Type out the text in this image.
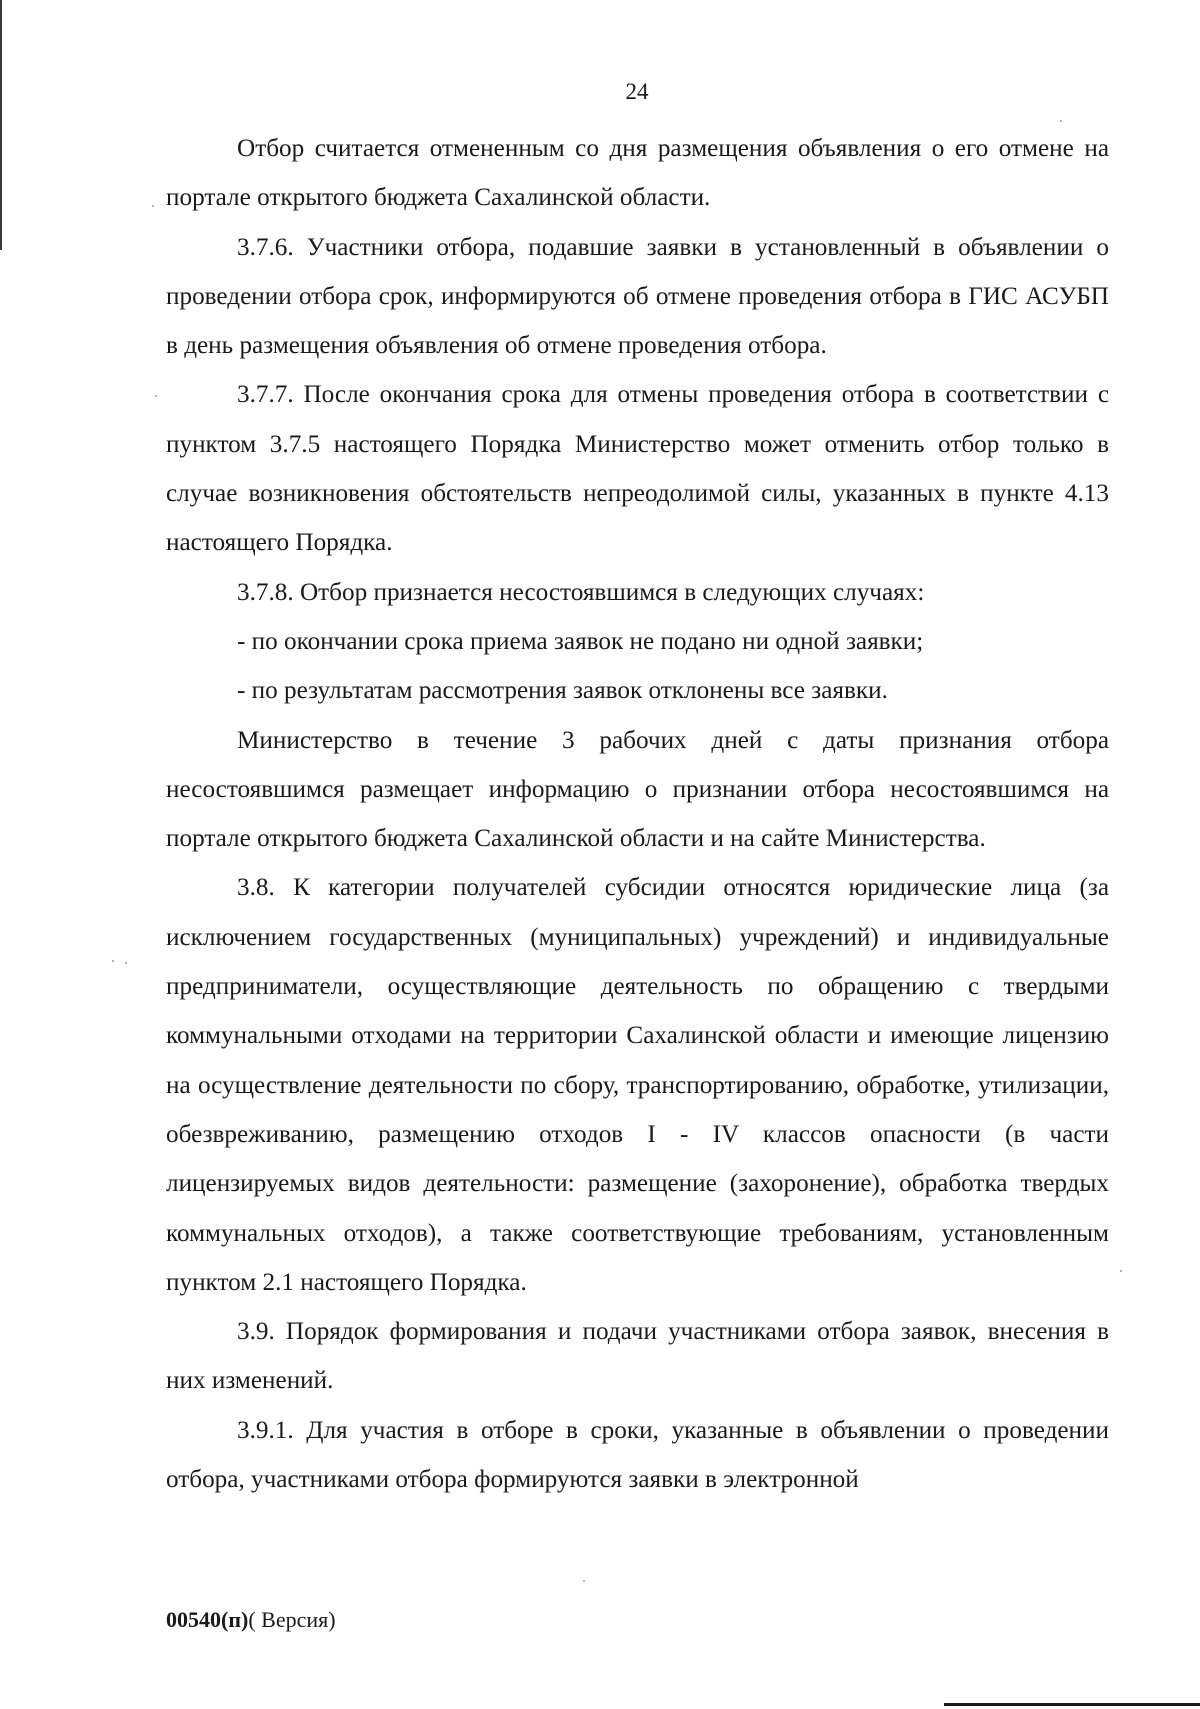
24

Отбор считается отмененным со дня размещения объявления о его отмене на портале открытого бюджета Сахалинской области.

3.7.6. Участники отбора, подавшие заявки в установленный в объявлении о проведении отбора срок, информируются об отмене проведения отбора в ГИС АСУБП в день размещения объявления об отмене проведения отбора.

3.7.7. После окончания срока для отмены проведения отбора в соответствии с пунктом 3.7.5 настоящего Порядка Министерство может отменить отбор только в случае возникновения обстоятельств непреодолимой силы, указанных в пункте 4.13 настоящего Порядка.

3.7.8. Отбор признается несостоявшимся в следующих случаях:

- по окончании срока приема заявок не подано ни одной заявки;

- по результатам рассмотрения заявок отклонены все заявки.

Министерство в течение 3 рабочих дней с даты признания отбора несостоявшимся размещает информацию о признании отбора несостоявшимся на портале открытого бюджета Сахалинской области и на сайте Министерства.

3.8. К категории получателей субсидии относятся юридические лица (за исключением государственных (муниципальных) учреждений) и индивидуальные предприниматели, осуществляющие деятельность по обращению с твердыми коммунальными отходами на территории Сахалинской области и имеющие лицензию на осуществление деятельности по сбору, транспортированию, обработке, утилизации, обезвреживанию, размещению отходов I - IV классов опасности (в части лицензируемых видов деятельности: размещение (захоронение), обработка твердых коммунальных отходов), а также соответствующие требованиям, установленным пунктом 2.1 настоящего Порядка.

3.9. Порядок формирования и подачи участниками отбора заявок, внесения в них изменений.

3.9.1. Для участия в отборе в сроки, указанные в объявлении о проведении отбора, участниками отбора формируются заявки в электронной

00540(п)( Версия)
